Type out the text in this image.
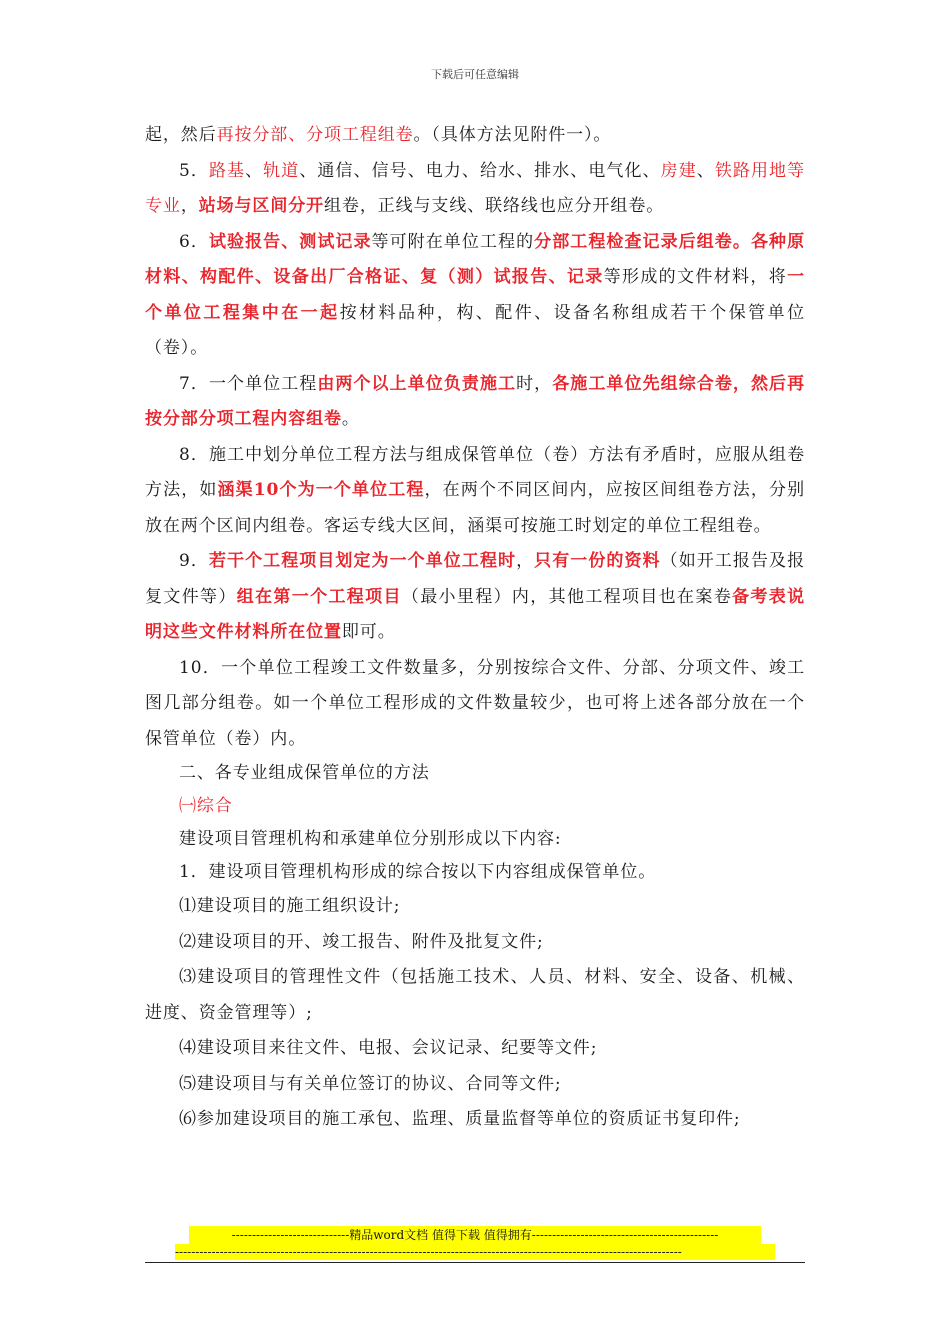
下载后可任意编辑

起，然后再按分部、分项工程组卷。（具体方法见附件一）。

5．路基、轨道、通信、信号、电力、给水、排水、电气化、房建、铁路用地等专业，站场与区间分开组卷，正线与支线、联络线也应分开组卷。

6．试验报告、测试记录等可附在单位工程的分部工程检查记录后组卷。各种原材料、构配件、设备出厂合格证、复（测）试报告、记录等形成的文件材料，将一个单位工程集中在一起按材料品种，构、配件、设备名称组成若干个保管单位（卷）。

7．一个单位工程由两个以上单位负责施工时，各施工单位先组综合卷，然后再按分部分项工程内容组卷。

8．施工中划分单位工程方法与组成保管单位（卷）方法有矛盾时，应服从组卷方法，如涵渠10个为一个单位工程，在两个不同区间内，应按区间组卷方法，分别放在两个区间内组卷。客运专线大区间，涵渠可按施工时划定的单位工程组卷。

9．若干个工程项目划定为一个单位工程时，只有一份的资料（如开工报告及报复文件等）组在第一个工程项目（最小里程）内，其他工程项目也在案卷备考表说明这些文件材料所在位置即可。

10．一个单位工程竣工文件数量多，分别按综合文件、分部、分项文件、竣工图几部分组卷。如一个单位工程形成的文件数量较少，也可将上述各部分放在一个保管单位（卷）内。

二、各专业组成保管单位的方法

㈠综合

建设项目管理机构和承建单位分别形成以下内容:

1．建设项目管理机构形成的综合按以下内容组成保管单位。

⑴建设项目的施工组织设计;

⑵建设项目的开、竣工报告、附件及批复文件;

⑶建设项目的管理性文件（包括施工技术、人员、材料、安全、设备、机械、进度、资金管理等）;

⑷建设项目来往文件、电报、会议记录、纪要等文件;

⑸建设项目与有关单位签订的协议、合同等文件;

⑹参加建设项目的施工承包、监理、质量监督等单位的资质证书复印件;

-----------------------------精品word文档 值得下载 值得拥有----------------------------------------------
-----------------------------------------------------------------------------------------------------------------------------
